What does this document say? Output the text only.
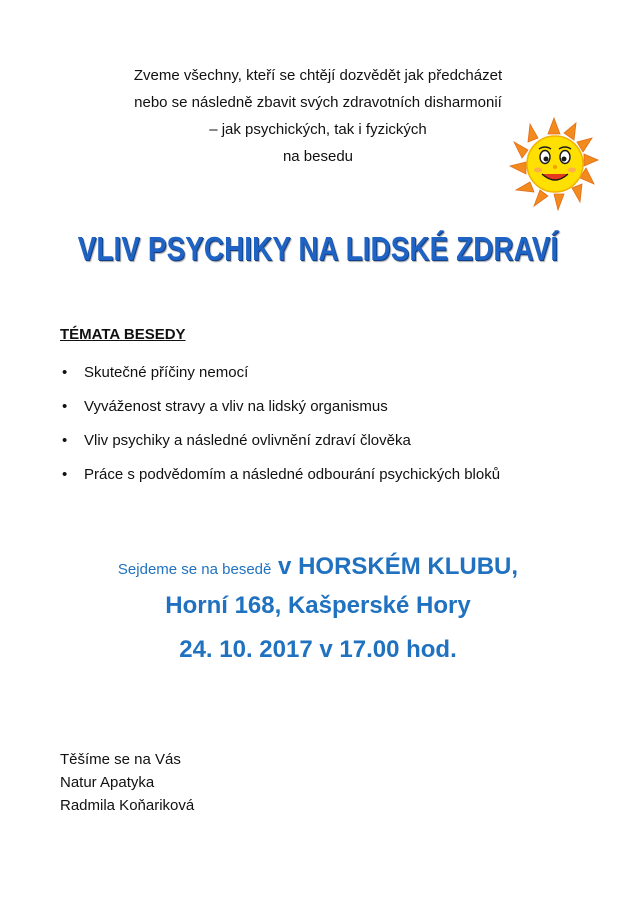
Zveme všechny, kteří se chtějí dozvědět jak předcházet
nebo se následně zbavit svých zdravotních disharmonií
– jak psychických, tak i fyzických
na besedu
VLIV PSYCHIKY NA LIDSKÉ ZDRAVÍ
TÉMATA BESEDY
• Skutečné příčiny nemocí
• Vyváženost stravy a vliv na lidský organismus
• Vliv psychiky a následné ovlivnění zdraví člověka
• Práce s podvědomím a následné odbourání psychických bloků
Sejdeme se na besedě v HORSKÉM KLUBU,
Horní 168, Kašperské Hory
24. 10. 2017 v 17.00 hod.
Těšíme se na Vás
Natur Apatyka
Radmila Koňariková
